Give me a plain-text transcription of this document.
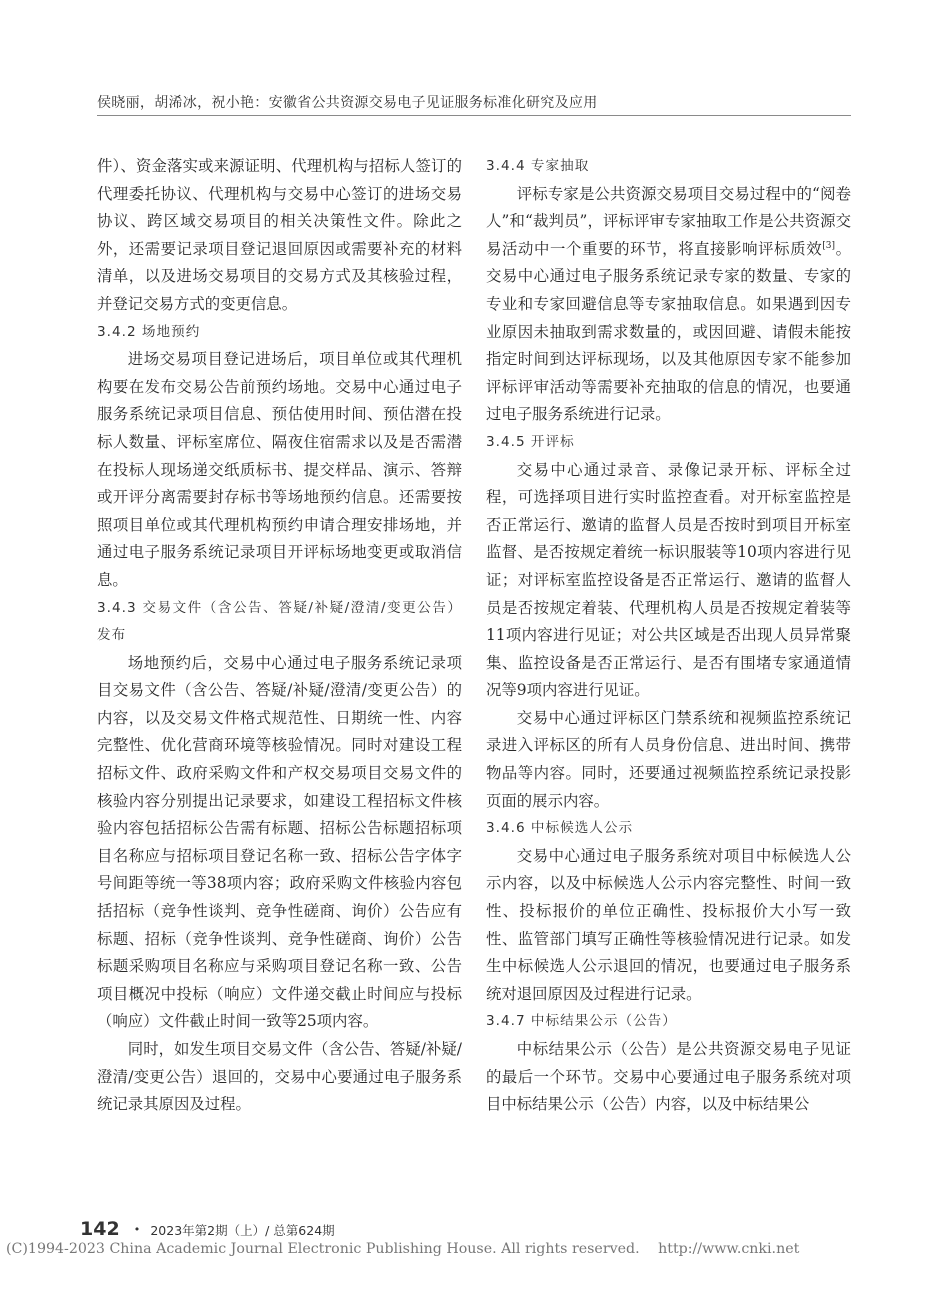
侯晓丽，胡浠冰，祝小艳：安徽省公共资源交易电子见证服务标准化研究及应用

件）、资金落实或来源证明、代理机构与招标人签订的代理委托协议、代理机构与交易中心签订的进场交易协议、跨区域交易项目的相关决策性文件。除此之外，还需要记录项目登记退回原因或需要补充的材料清单，以及进场交易项目的交易方式及其核验过程，并登记交易方式的变更信息。

3.4.2 场地预约

进场交易项目登记进场后，项目单位或其代理机构要在发布交易公告前预约场地。交易中心通过电子服务系统记录项目信息、预估使用时间、预估潜在投标人数量、评标室席位、隔夜住宿需求以及是否需潜在投标人现场递交纸质标书、提交样品、演示、答辩或开评分离需要封存标书等场地预约信息。还需要按照项目单位或其代理机构预约申请合理安排场地，并通过电子服务系统记录项目开评标场地变更或取消信息。

3.4.3 交易文件（含公告、答疑/补疑/澄清/变更公告）发布

场地预约后，交易中心通过电子服务系统记录项目交易文件（含公告、答疑/补疑/澄清/变更公告）的内容，以及交易文件格式规范性、日期统一性、内容完整性、优化营商环境等核验情况。同时对建设工程招标文件、政府采购文件和产权交易项目交易文件的核验内容分别提出记录要求，如建设工程招标文件核验内容包括招标公告需有标题、招标公告标题招标项目名称应与招标项目登记名称一致、招标公告字体字号间距等统一等38项内容；政府采购文件核验内容包括招标（竞争性谈判、竞争性磋商、询价）公告应有标题、招标（竞争性谈判、竞争性磋商、询价）公告标题采购项目名称应与采购项目登记名称一致、公告项目概况中投标（响应）文件递交截止时间应与投标（响应）文件截止时间一致等25项内容。

同时，如发生项目交易文件（含公告、答疑/补疑/澄清/变更公告）退回的，交易中心要通过电子服务系统记录其原因及过程。

3.4.4 专家抽取

评标专家是公共资源交易项目交易过程中的“阅卷人”和“裁判员”，评标评审专家抽取工作是公共资源交易活动中一个重要的环节，将直接影响评标质效[3]。交易中心通过电子服务系统记录专家的数量、专家的专业和专家回避信息等专家抽取信息。如果遇到因专业原因未抽取到需求数量的，或因回避、请假未能按指定时间到达评标现场，以及其他原因专家不能参加评标评审活动等需要补充抽取的信息的情况，也要通过电子服务系统进行记录。

3.4.5 开评标

交易中心通过录音、录像记录开标、评标全过程，可选择项目进行实时监控查看。对开标室监控是否正常运行、邀请的监督人员是否按时到项目开标室监督、是否按规定着统一标识服装等10项内容进行见证；对评标室监控设备是否正常运行、邀请的监督人员是否按规定着装、代理机构人员是否按规定着装等11项内容进行见证；对公共区域是否出现人员异常聚集、监控设备是否正常运行、是否有围堵专家通道情况等9项内容进行见证。

交易中心通过评标区门禁系统和视频监控系统记录进入评标区的所有人员身份信息、进出时间、携带物品等内容。同时，还要通过视频监控系统记录投影页面的展示内容。

3.4.6 中标候选人公示

交易中心通过电子服务系统对项目中标候选人公示内容，以及中标候选人公示内容完整性、时间一致性、投标报价的单位正确性、投标报价大小写一致性、监管部门填写正确性等核验情况进行记录。如发生中标候选人公示退回的情况，也要通过电子服务系统对退回原因及过程进行记录。

3.4.7 中标结果公示（公告）

中标结果公示（公告）是公共资源交易电子见证的最后一个环节。交易中心要通过电子服务系统对项目中标结果公示（公告）内容，以及中标结果公

142 • 2023年第2期（上）/ 总第624期
(C)1994-2023 China Academic Journal Electronic Publishing House. All rights reserved. http://www.cnki.net
